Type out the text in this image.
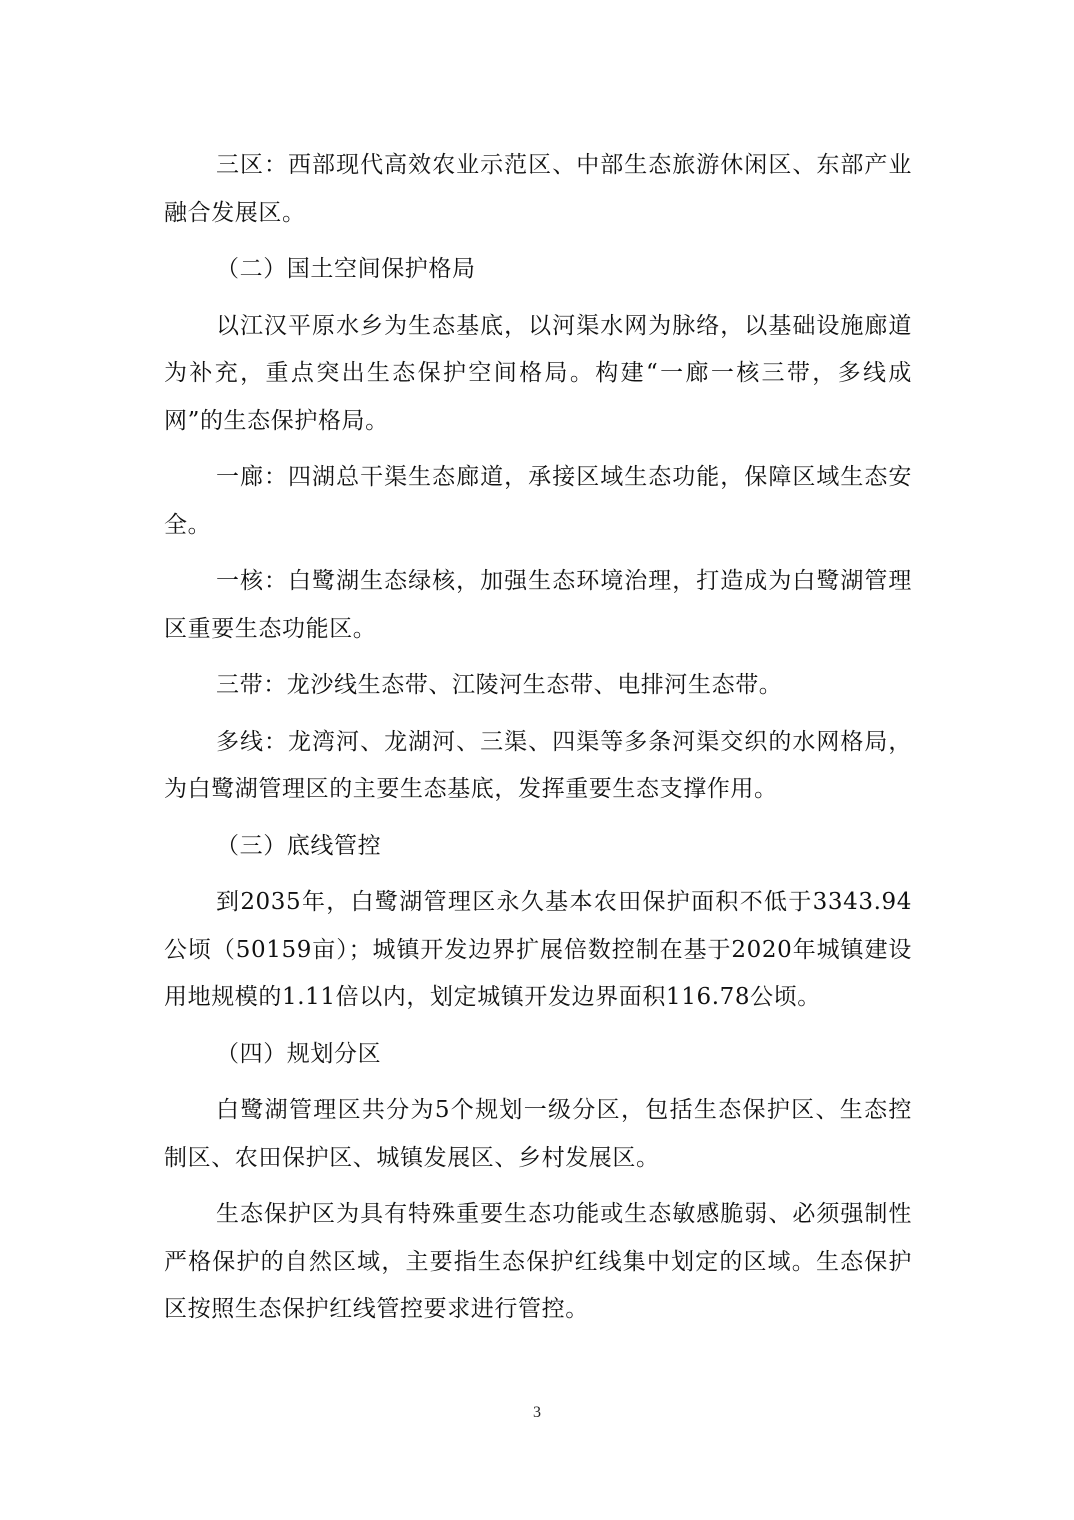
三区：西部现代高效农业示范区、中部生态旅游休闲区、东部产业融合发展区。

（二）国土空间保护格局

以江汉平原水乡为生态基底，以河渠水网为脉络，以基础设施廊道为补充，重点突出生态保护空间格局。构建“一廊一核三带，多线成网”的生态保护格局。

一廊：四湖总干渠生态廊道，承接区域生态功能，保障区域生态安全。

一核：白鹭湖生态绿核，加强生态环境治理，打造成为白鹭湖管理区重要生态功能区。

三带：龙沙线生态带、江陵河生态带、电排河生态带。

多线：龙湾河、龙湖河、三渠、四渠等多条河渠交织的水网格局，为白鹭湖管理区的主要生态基底，发挥重要生态支撑作用。

（三）底线管控

到2035年，白鹭湖管理区永久基本农田保护面积不低于3343.94公顷（50159亩）；城镇开发边界扩展倍数控制在基于2020年城镇建设用地规模的1.11倍以内，划定城镇开发边界面积116.78公顷。

（四）规划分区

白鹭湖管理区共分为5个规划一级分区，包括生态保护区、生态控制区、农田保护区、城镇发展区、乡村发展区。

生态保护区为具有特殊重要生态功能或生态敏感脆弱、必须强制性严格保护的自然区域，主要指生态保护红线集中划定的区域。生态保护区按照生态保护红线管控要求进行管控。

3
